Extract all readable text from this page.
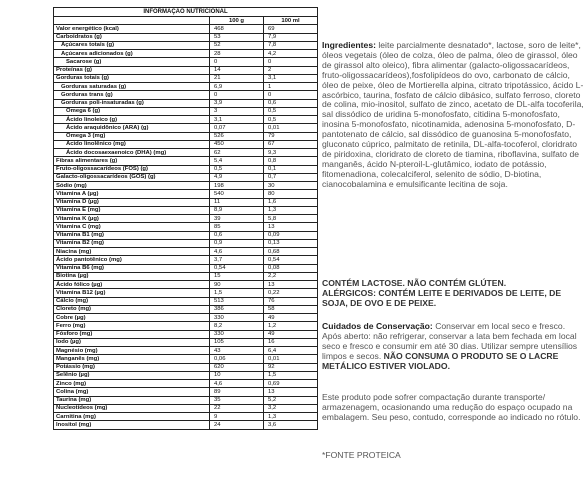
INFORMAÇÃO NUTRICIONAL		
	100 g	100 ml
Valor energético (kcal)	468	69
Carboidratos (g)	53	7,9
Açúcares totais (g)	52	7,8
Açúcares adicionados (g)	28	4,2
Sacarose (g)	0	0
Proteínas (g)	14	2
Gorduras totais (g)	21	3,1
Gorduras saturadas (g)	6,9	1
Gorduras trans (g)	0	0
Gorduras poli-insaturadas (g)	3,9	0,6
Ômega 6 (g)	3	0,5
Ácido linoleico (g)	3,1	0,5
Ácido araquidônico (ARA) (g)	0,07	0,01
Ômega 3 (mg)	526	79
Ácido linolênico (mg)	450	67
Ácido docosaexaenoico (DHA) (mg)	62	9,3
Fibras alimentares (g)	5,4	0,8
Fruto-oligossacarídeos (FOS) (g)	0,5	0,1
Galacto-oligossacarídeos (GOS) (g)	4,9	0,7
Sódio (mg)	198	30
Vitamina A (µg)	540	80
Vitamina D (µg)	11	1,6
Vitamina E (mg)	8,9	1,3
Vitamina K (µg)	39	5,8
Vitamina C (mg)	85	13
Vitamina B1 (mg)	0,6	0,09
Vitamina B2 (mg)	0,9	0,13
Niacina (mg)	4,6	0,68
Ácido pantotênico (mg)	3,7	0,54
Vitamina B6 (mg)	0,54	0,08
Biotina (µg)	15	2,2
Ácido fólico (µg)	90	13
Vitamina B12 (µg)	1,5	0,22
Cálcio (mg)	513	76
Cloreto (mg)	386	58
Cobre (µg)	330	49
Ferro (mg)	8,2	1,2
Fósforo (mg)	330	49
Iodo (µg)	105	16
Magnésio (mg)	43	6,4
Manganês (mg)	0,06	0,01
Potássio (mg)	620	92
Selênio (µg)	10	1,5
Zinco (mg)	4,6	0,69
Colina (mg)	89	13
Taurina (mg)	35	5,2
Nucleotídeos (mg)	22	3,2
Carnitina (mg)	9	1,3
Inositol (mg)	24	3,6

Ingredientes: leite parcialmente desnatado*, lactose, soro de leite*, óleos vegetais (óleo de colza, óleo de palma, óleo de girassol, óleo de girassol alto oleico), fibra alimentar (galacto-oligossacarídeos, fruto-oligossacarídeos),fosfolipídeos do ovo, carbonato de cálcio, óleo de peixe, óleo de Mortierella alpina, citrato tripotássico, ácido L-ascórbico, taurina, fosfato de cálcio dibásico, sulfato ferroso, cloreto de colina, mio-inositol, sulfato de zinco, acetato de DL-alfa tocoferila, sal dissódico de uridina 5-monofosfato, citidina 5-monofosfato, inosina 5-monofosfato, nicotinamida, adenosina 5-monofosfato, D-pantotenato de cálcio, sal dissódico de guanosina 5-monofosfato, gluconato cúprico, palmitato de retinila, DL-alfa-tocoferol, cloridrato de piridoxina, cloridrato de cloreto de tiamina, riboflavina, sulfato de manganês, ácido N-pteroil-L-glutâmico, iodato de potássio, fitomenadiona, colecalciferol, selenito de sódio, D-biotina, cianocobalamina e emulsificante lecitina de soja.

CONTÉM LACTOSE. NÃO CONTÉM GLÚTEN.

ALÉRGICOS: CONTÉM LEITE E DERIVADOS DE LEITE, DE SOJA, DE OVO E DE PEIXE.

Cuidados de Conservação: Conservar em local seco e fresco. Após aberto: não refrigerar, conservar a lata bem fechada em local seco e fresco e consumir em até 30 dias. Utilizar sempre utensílios limpos e secos. NÃO CONSUMA O PRODUTO SE O LACRE METÁLICO ESTIVER VIOLADO.

Este produto pode sofrer compactação durante transporte/ armazenagem, ocasionando uma redução do espaço ocupado na embalagem. Seu peso, contudo, corresponde ao indicado no rótulo.

*FONTE PROTEICA
